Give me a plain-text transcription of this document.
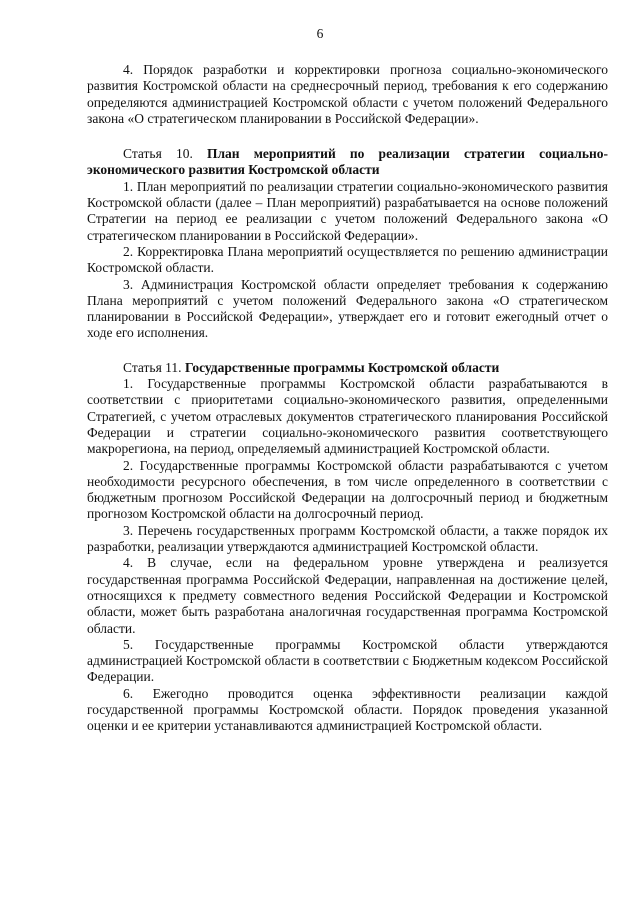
6

4. Порядок разработки и корректировки прогноза социально-экономического развития Костромской области на среднесрочный период, требования к его содержанию определяются администрацией Костромской области с учетом положений Федерального закона «О стратегическом планировании в Российской Федерации».

Статья 10. План мероприятий по реализации стратегии социально-экономического развития Костромской области

1. План мероприятий по реализации стратегии социально-экономического развития Костромской области (далее – План мероприятий) разрабатывается на основе положений Стратегии на период ее реализации с учетом положений Федерального закона «О стратегическом планировании в Российской Федерации».

2. Корректировка Плана мероприятий осуществляется по решению администрации Костромской области.

3. Администрация Костромской области определяет требования к содержанию Плана мероприятий с учетом положений Федерального закона «О стратегическом планировании в Российской Федерации», утверждает его и готовит ежегодный отчет о ходе его исполнения.

Статья 11. Государственные программы Костромской области

1. Государственные программы Костромской области разрабатываются в соответствии с приоритетами социально-экономического развития, определенными Стратегией, с учетом отраслевых документов стратегического планирования Российской Федерации и стратегии социально-экономического развития соответствующего макрорегиона, на период, определяемый администрацией Костромской области.

2. Государственные программы Костромской области разрабатываются с учетом необходимости ресурсного обеспечения, в том числе определенного в соответствии с бюджетным прогнозом Российской Федерации на долгосрочный период и бюджетным прогнозом Костромской области на долгосрочный период.

3. Перечень государственных программ Костромской области, а также порядок их разработки, реализации утверждаются администрацией Костромской области.

4. В случае, если на федеральном уровне утверждена и реализуется государственная программа Российской Федерации, направленная на достижение целей, относящихся к предмету совместного ведения Российской Федерации и Костромской области, может быть разработана аналогичная государственная программа Костромской области.

5. Государственные программы Костромской области утверждаются администрацией Костромской области в соответствии с Бюджетным кодексом Российской Федерации.

6. Ежегодно проводится оценка эффективности реализации каждой государственной программы Костромской области. Порядок проведения указанной оценки и ее критерии устанавливаются администрацией Костромской области.
